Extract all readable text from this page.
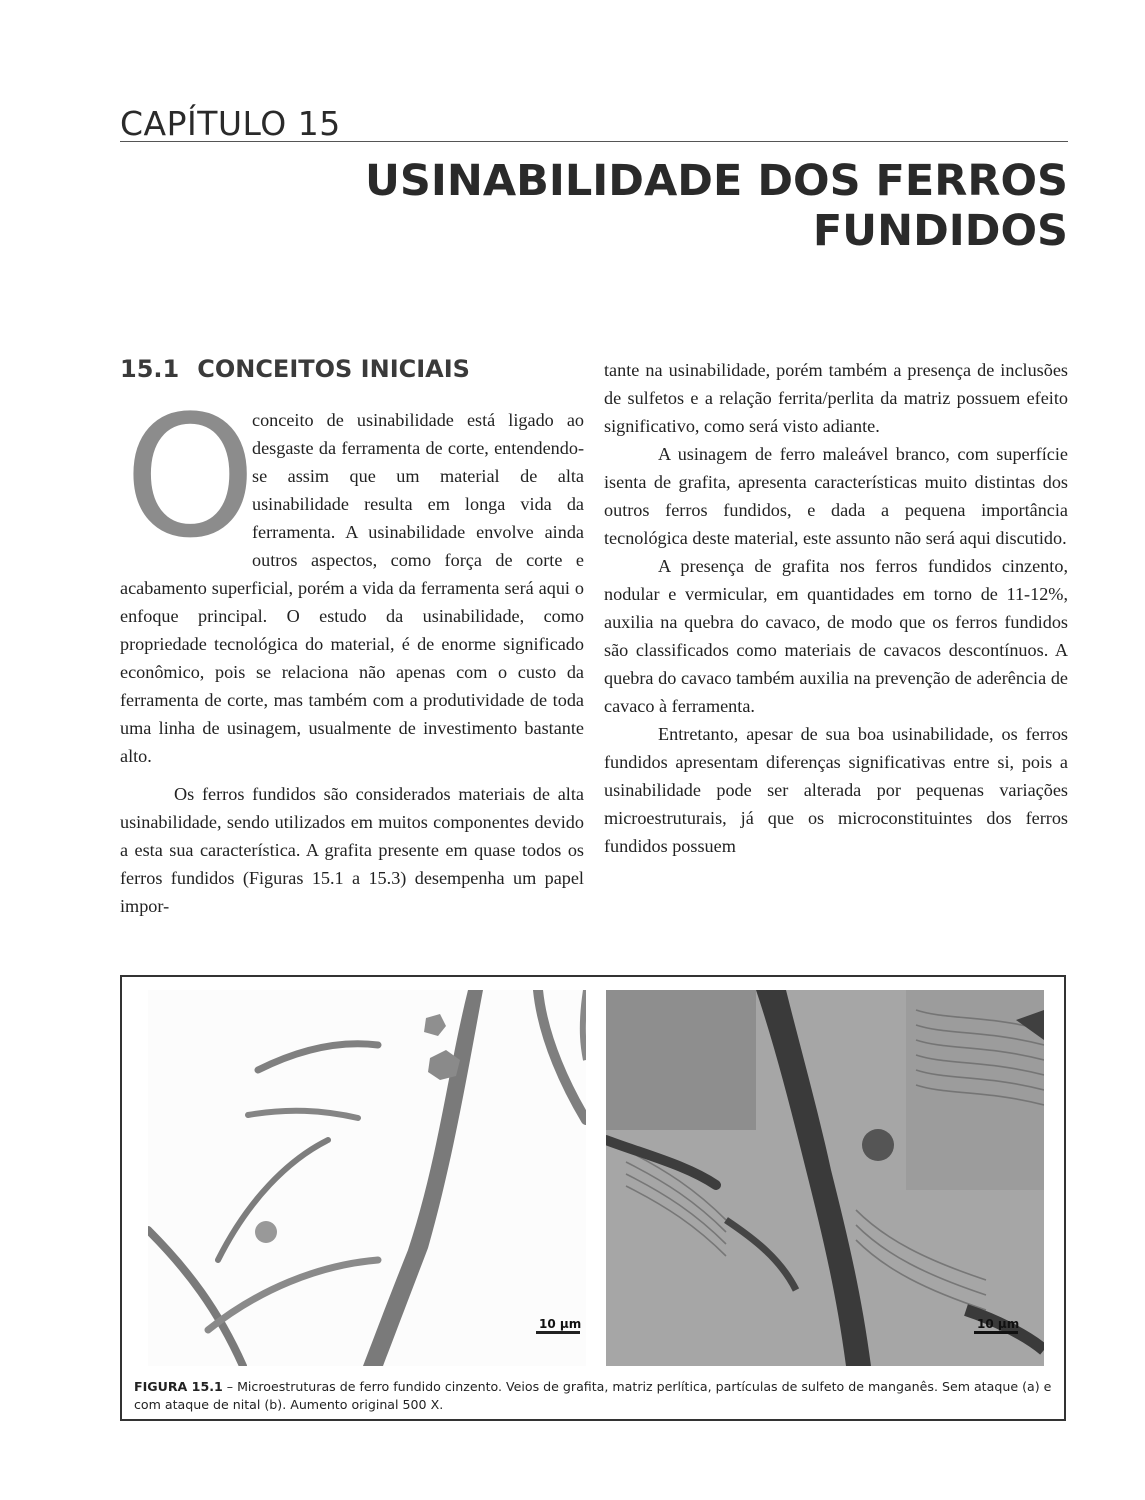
CAPÍTULO 15
USINABILIDADE DOS FERROS FUNDIDOS
15.1 CONCEITOS INICIAIS

O
conceito de usinabilidade está ligado ao desgaste da ferramenta de corte, entendendo-se assim que um material de alta usinabilidade resulta em longa vida da ferramenta. A usinabilidade envolve ainda outros aspectos, como força de corte e acabamento superficial, porém a vida da ferramenta será aqui o enfoque principal. O estudo da usinabilidade, como propriedade tecnológica do material, é de enorme significado econômico, pois se relaciona não apenas com o custo da ferramenta de corte, mas também com a produtividade de toda uma linha de usinagem, usualmente de investimento bastante alto.

Os ferros fundidos são considerados materiais de alta usinabilidade, sendo utilizados em muitos componentes devido a esta sua característica. A grafita presente em quase todos os ferros fundidos (Figuras 15.1 a 15.3) desempenha um papel impor-

tante na usinabilidade, porém também a presença de inclusões de sulfetos e a relação ferrita/perlita da matriz possuem efeito significativo, como será visto adiante.

A usinagem de ferro maleável branco, com superfície isenta de grafita, apresenta características muito distintas dos outros ferros fundidos, e dada a pequena importância tecnológica deste material, este assunto não será aqui discutido.

A presença de grafita nos ferros fundidos cinzento, nodular e vermicular, em quantidades em torno de 11-12%, auxilia na quebra do cavaco, de modo que os ferros fundidos são classificados como materiais de cavacos descontínuos. A quebra do cavaco também auxilia na prevenção de aderência de cavaco à ferramenta.

Entretanto, apesar de sua boa usinabilidade, os ferros fundidos apresentam diferenças significativas entre si, pois a usinabilidade pode ser alterada por pequenas variações microestruturais, já que os microconstituintes dos ferros fundidos possuem

10 µm	10 µm
FIGURA 15.1 – Microestruturas de ferro fundido cinzento. Veios de grafita, matriz perlítica, partículas de sulfeto de manganês. Sem ataque (a) e com ataque de nital (b). Aumento original 500 X.
